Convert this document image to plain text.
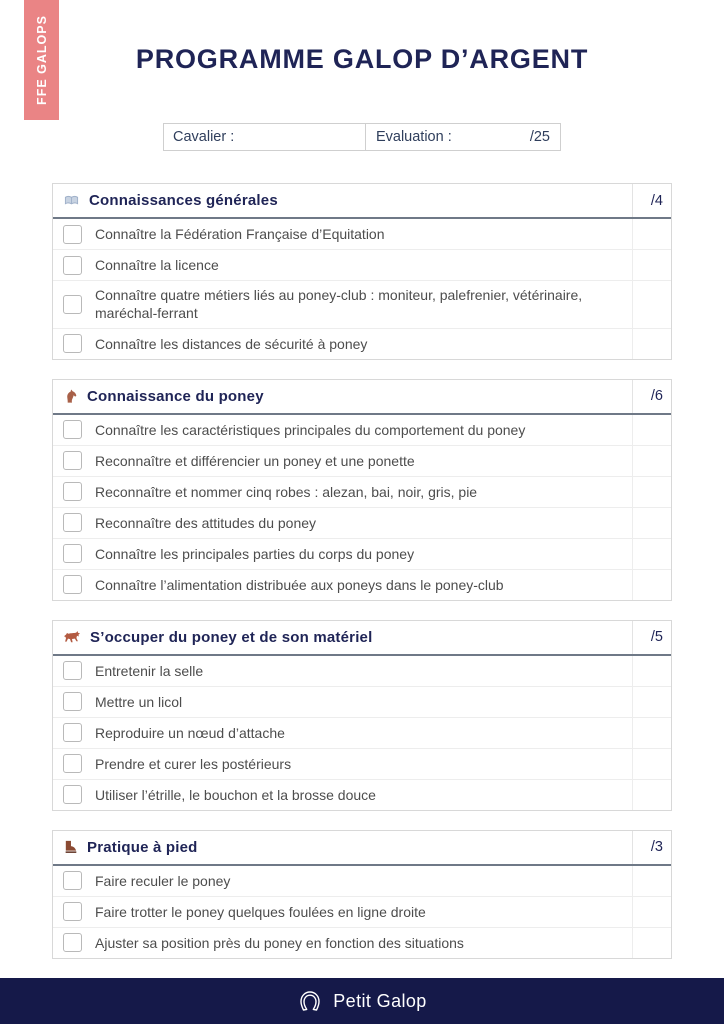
FFE GALOPS	PROGRAMME GALOP D’ARGENT
Cavalier :	Evaluation :	/25
Connaissances générales	/4
Connaître la Fédération Française d’Equitation
Connaître la licence
Connaître quatre métiers liés au poney-club : moniteur, palefrenier, vétérinaire, maréchal-ferrant
Connaître les distances de sécurité à poney
Connaissance du poney	/6
Connaître les caractéristiques principales du comportement du poney
Reconnaître et différencier un poney et une ponette
Reconnaître et nommer cinq robes : alezan, bai, noir, gris, pie
Reconnaître des attitudes du poney
Connaître les principales parties du corps du poney
Connaître l’alimentation distribuée aux poneys dans le poney-club
S’occuper du poney et de son matériel	/5
Entretenir la selle
Mettre un licol
Reproduire un nœud d’attache
Prendre et curer les postérieurs
Utiliser l’étrille, le bouchon et la brosse douce
Pratique à pied	/3
Faire reculer le poney
Faire trotter le poney quelques foulées en ligne droite
Ajuster sa position près du poney en fonction des situations
Petit Galop
